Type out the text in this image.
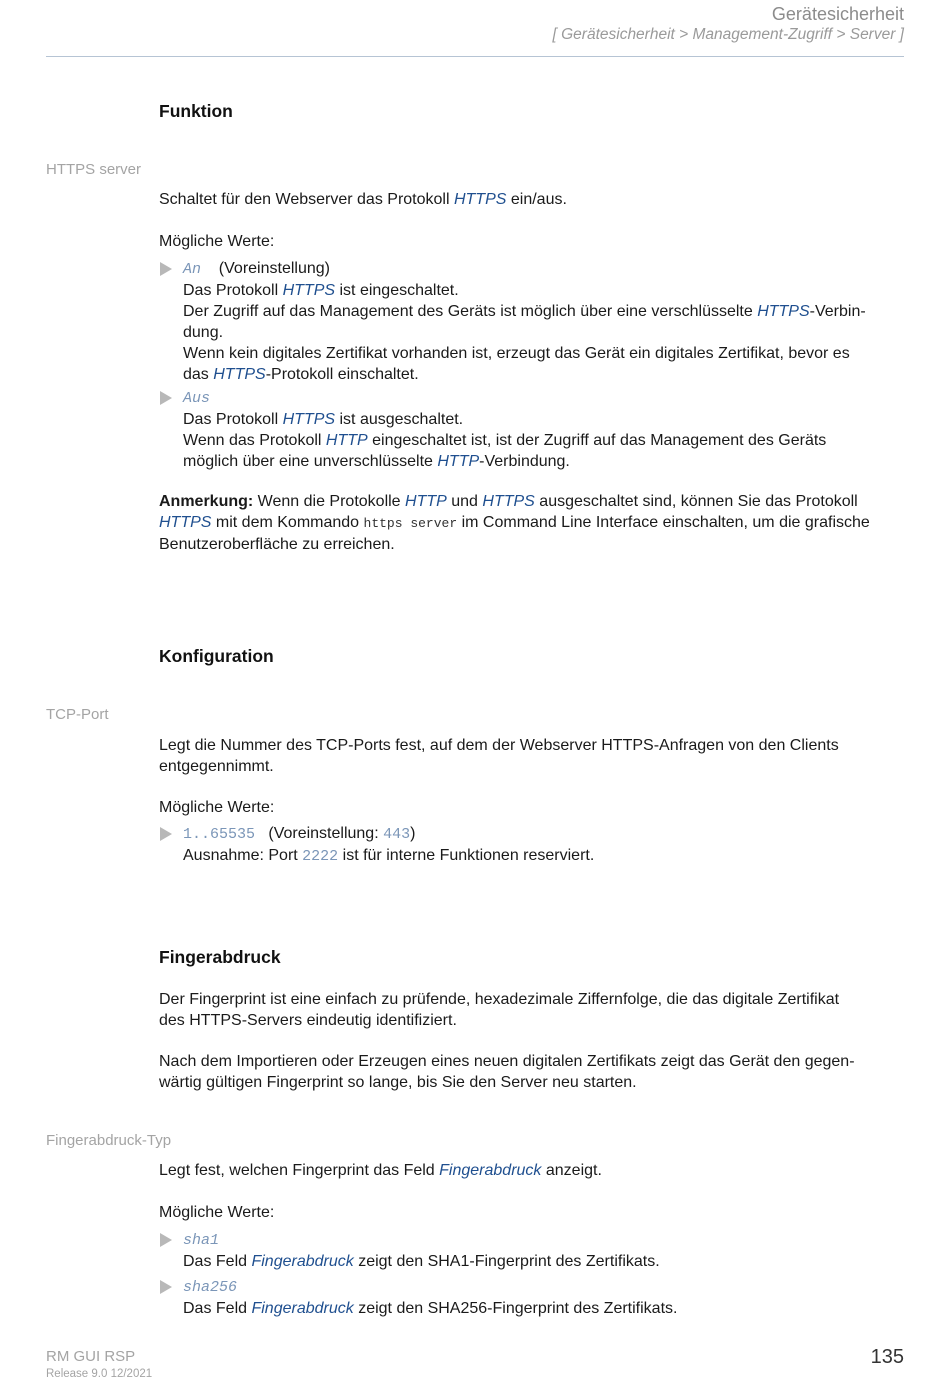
Gerätesicherheit
[ Gerätesicherheit > Management-Zugriff > Server ]
Funktion
HTTPS server
Schaltet für den Webserver das Protokoll HTTPS ein/aus.
Mögliche Werte:
An (Voreinstellung)
Das Protokoll HTTPS ist eingeschaltet.
Der Zugriff auf das Management des Geräts ist möglich über eine verschlüsselte HTTPS-Verbin-
dung.
Wenn kein digitales Zertifikat vorhanden ist, erzeugt das Gerät ein digitales Zertifikat, bevor es
das HTTPS-Protokoll einschaltet.
Aus
Das Protokoll HTTPS ist ausgeschaltet.
Wenn das Protokoll HTTP eingeschaltet ist, ist der Zugriff auf das Management des Geräts
möglich über eine unverschlüsselte HTTP-Verbindung.
Anmerkung: Wenn die Protokolle HTTP und HTTPS ausgeschaltet sind, können Sie das Protokoll
HTTPS mit dem Kommando https server im Command Line Interface einschalten, um die grafische
Benutzeroberfläche zu erreichen.
Konfiguration
TCP-Port
Legt die Nummer des TCP-Ports fest, auf dem der Webserver HTTPS-Anfragen von den Clients
entgegennimmt.
Mögliche Werte:
1..65535 (Voreinstellung: 443)
Ausnahme: Port 2222 ist für interne Funktionen reserviert.
Fingerabdruck
Der Fingerprint ist eine einfach zu prüfende, hexadezimale Ziffernfolge, die das digitale Zertifikat
des HTTPS-Servers eindeutig identifiziert.
Nach dem Importieren oder Erzeugen eines neuen digitalen Zertifikats zeigt das Gerät den gegen-
wärtig gültigen Fingerprint so lange, bis Sie den Server neu starten.
Fingerabdruck-Typ
Legt fest, welchen Fingerprint das Feld Fingerabdruck anzeigt.
Mögliche Werte:
sha1
Das Feld Fingerabdruck zeigt den SHA1-Fingerprint des Zertifikats.
sha256
Das Feld Fingerabdruck zeigt den SHA256-Fingerprint des Zertifikats.
RM GUI RSP
Release 9.0 12/2021
135
